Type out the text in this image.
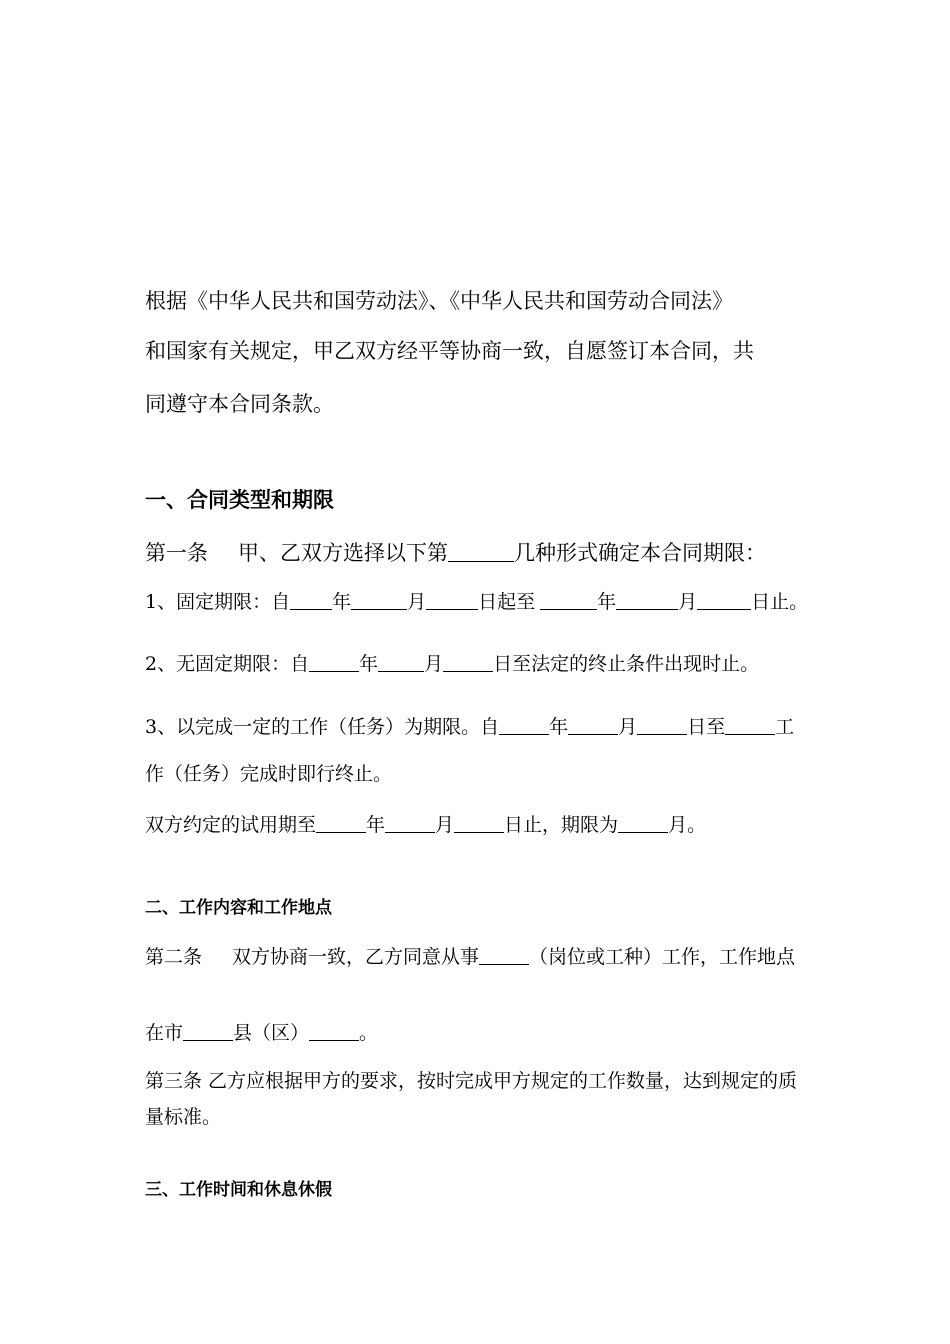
根据《中华人民共和国劳动法》、《中华人民共和国劳动合同法》
和国家有关规定，甲乙双方经平等协商一致，自愿签订本合同，共
同遵守本合同条款。
一、合同类型和期限
第一条 甲、乙双方选择以下第	几种形式确定本合同期限：
1、固定期限：自 年	月	日起至	年	月	日止。
2、无固定期限：自	年 月	日至法定的终止条件出现时止。
3、以完成一定的工作（任务）为期限。自	年	月	日至	工
作（任务）完成时即行终止。
双方约定的试用期至	年	月	日止，期限为	月。
二、工作内容和工作地点
第二条 双方协商一致，乙方同意从事	（岗位或工种）工作，工作地点
在市	县（区）	。
第三条 乙方应根据甲方的要求，按时完成甲方规定的工作数量，达到规定的质
量标准。
三、工作时间和休息休假
